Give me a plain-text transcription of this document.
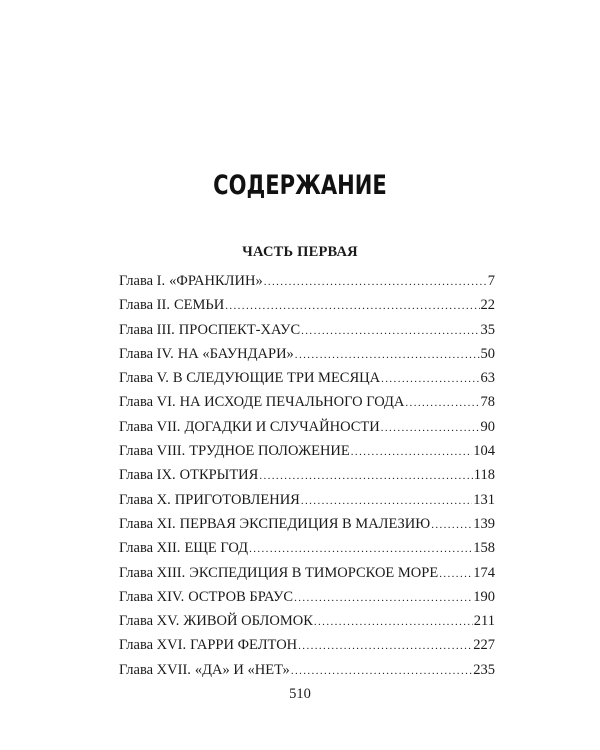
СОДЕРЖАНИЕ
ЧАСТЬ ПЕРВАЯ
Глава I. «ФРАНКЛИН» .....	7
Глава II. СЕМЬИ .....	22
Глава III. ПРОСПЕКТ-ХАУС .....	35
Глава IV. НА «БАУНДАРИ» .....	50
Глава V. В СЛЕДУЮЩИЕ ТРИ МЕСЯЦА .....	63
Глава VI. НА ИСХОДЕ ПЕЧАЛЬНОГО ГОДА .....	78
Глава VII. ДОГАДКИ И СЛУЧАЙНОСТИ .....	90
Глава VIII. ТРУДНОЕ ПОЛОЖЕНИЕ .....	104
Глава IX. ОТКРЫТИЯ .....	118
Глава X. ПРИГОТОВЛЕНИЯ .....	131
Глава XI. ПЕРВАЯ ЭКСПЕДИЦИЯ В МАЛЕЗИЮ .....	139
Глава XII. ЕЩЕ ГОД .....	158
Глава XIII. ЭКСПЕДИЦИЯ В ТИМОРСКОЕ МОРЕ ..... 174
Глава XIV. ОСТРОВ БРАУС .....	190
Глава XV. ЖИВОЙ ОБЛОМОК .....	211
Глава XVI. ГАРРИ ФЕЛТОН .....	227
Глава XVII. «ДА» И «НЕТ» .....	235
510
